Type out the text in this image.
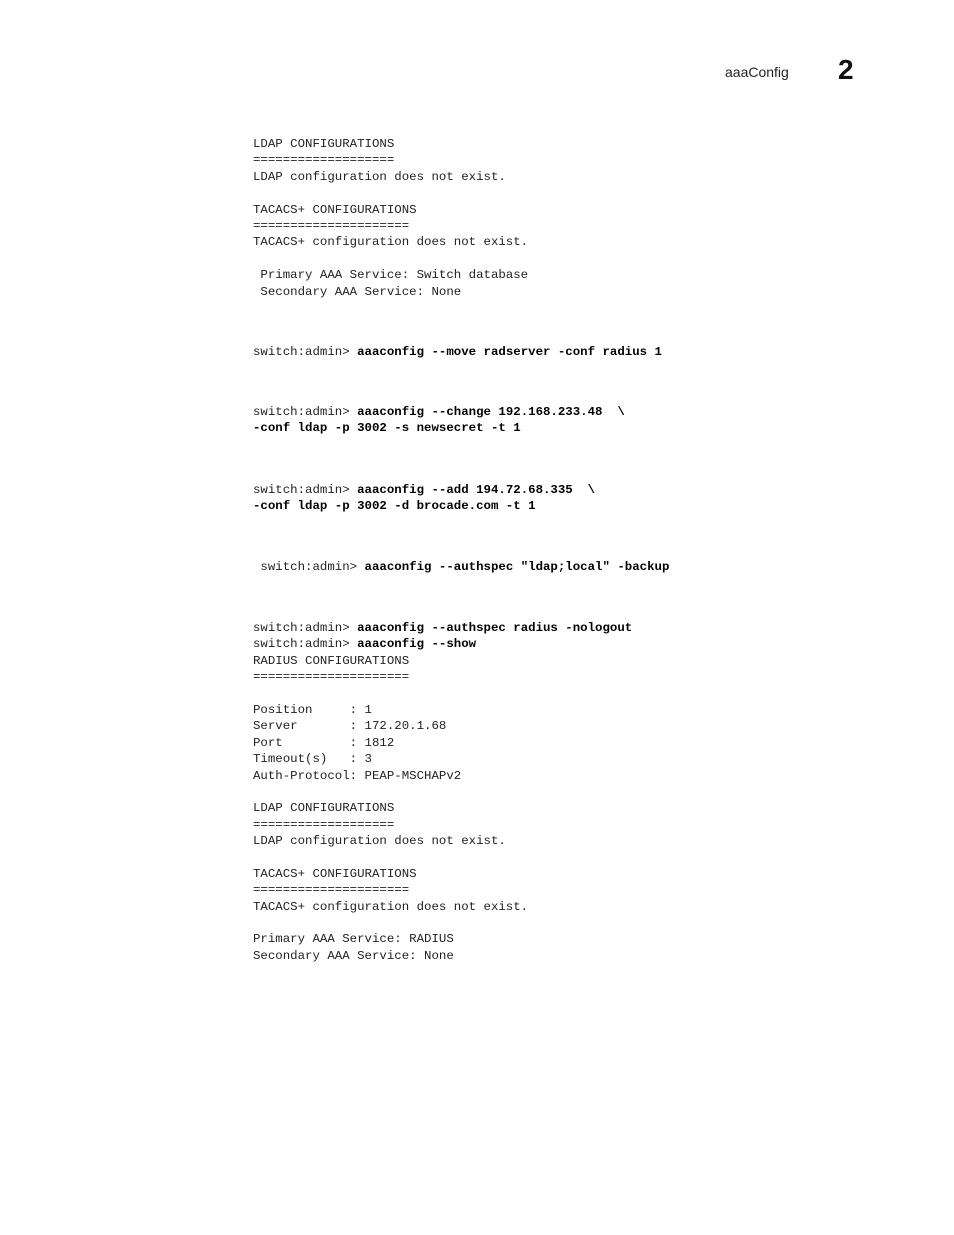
aaaConfig 2
LDAP CONFIGURATIONS
===================
LDAP configuration does not exist.
TACACS+ CONFIGURATIONS
=====================
TACACS+ configuration does not exist.
Primary AAA Service: Switch database
Secondary AAA Service: None
switch:admin> aaaconfig --move radserver -conf radius 1
switch:admin> aaaconfig --change 192.168.233.48  \
-conf ldap -p 3002 -s newsecret -t 1
switch:admin> aaaconfig --add 194.72.68.335  \
-conf ldap -p 3002 -d brocade.com -t 1
switch:admin> aaaconfig --authspec "ldap;local" -backup
switch:admin> aaaconfig --authspec radius -nologout
switch:admin> aaaconfig --show
RADIUS CONFIGURATIONS
=====================
Position     : 1
Server       : 172.20.1.68
Port         : 1812
Timeout(s)   : 3
Auth-Protocol: PEAP-MSCHAPv2
LDAP CONFIGURATIONS
===================
LDAP configuration does not exist.
TACACS+ CONFIGURATIONS
=====================
TACACS+ configuration does not exist.
Primary AAA Service: RADIUS
Secondary AAA Service: None
